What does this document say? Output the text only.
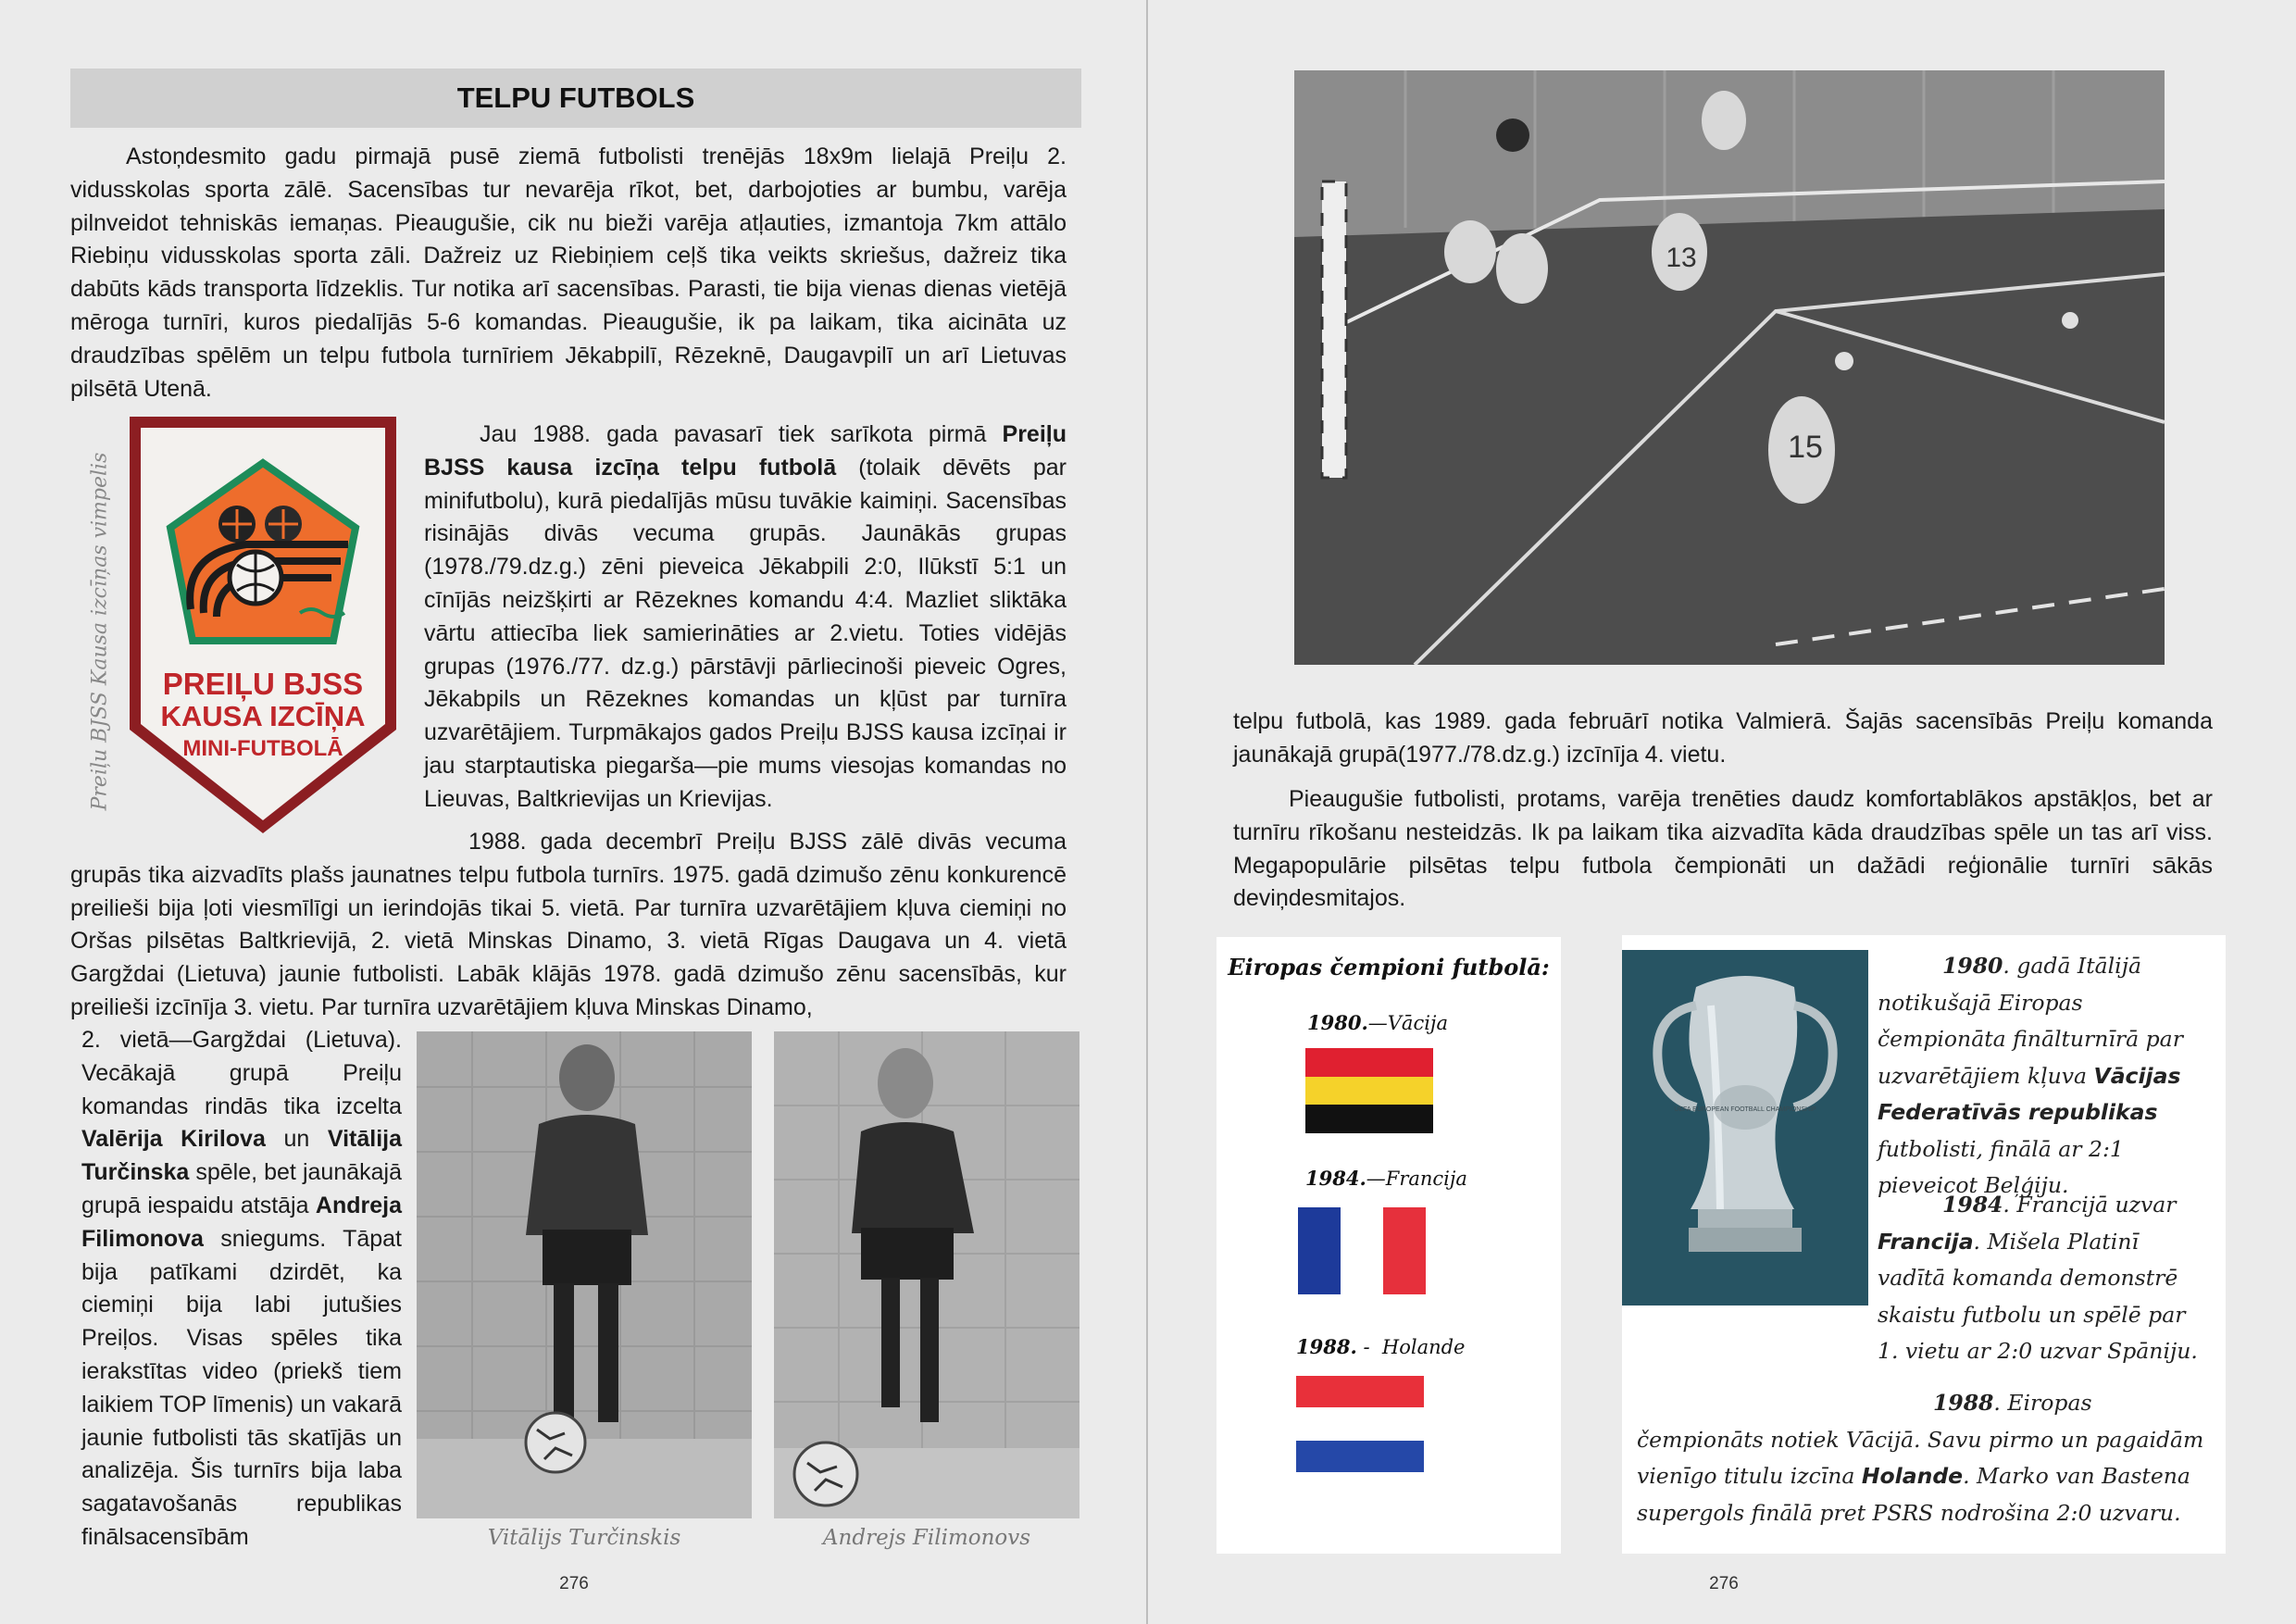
TELPU FUTBOLS

Astoņdesmito gadu pirmajā pusē ziemā futbolisti trenējās 18x9m lielajā Preiļu 2. vidusskolas sporta zālē. Sacensības tur nevarēja rīkot, bet, darbojoties ar bumbu, varēja pilnveidot tehniskās iemaņas. Pieaugušie, cik nu bieži varēja atļauties, izmantoja 7km attālo Riebiņu vidusskolas sporta zāli. Dažreiz uz Riebiņiem ceļš tika veikts skriešus, dažreiz tika dabūts kāds transporta līdzeklis. Tur notika arī sacensības. Parasti, tie bija vienas dienas vietējā mēroga turnīri, kuros piedalījās 5-6 komandas. Pieaugušie, ik pa laikam, tika aicināta uz draudzības spēlēm un telpu futbola turnīriem Jēkabpilī, Rēzeknē, Daugavpilī un arī Lietuvas pilsētā Utenā.

Preiļu BJSS Kausa izcīņas vimpelis PREIĻU BJSS
KAUSA IZCĪŅA
MINI-FUTBOLĀ

Jau 1988. gada pavasarī tiek sarīkota pirmā Preiļu BJSS kausa izcīņa telpu futbolā (tolaik dēvēts par minifutbolu), kurā piedalījās mūsu tuvākie kaimiņi. Sacensības risinājās divās vecuma grupās. Jaunākās grupas (1978./79.dz.g.) zēni pieveica Jēkabpili 2:0, Ilūkstī 5:1 un cīnījās neizšķirti ar Rēzeknes komandu 4:4. Mazliet sliktāka vārtu attiecība liek samierināties ar 2.vietu. Toties vidējās grupas (1976./77. dz.g.) pārstāvji pārliecinoši pieveic Ogres, Jēkabpils un Rēzeknes komandas un kļūst par turnīra uzvarētājiem. Turpmākajos gados Preiļu BJSS kausa izcīņai ir jau starptautiska piegarša—pie mums viesojas komandas no Lieuvas, Baltkrievijas un Krievijas.

1988. gada decembrī Preiļu BJSS zālē divās vecuma grupās tika aizvadīts plašs jaunatnes telpu futbola turnīrs. 1975. gadā dzimušo zēnu konkurencē preilieši bija ļoti viesmīlīgi un ierindojās tikai 5. vietā. Par turnīra uzvarētājiem kļuva ciemiņi no Oršas pilsētas Baltkrievijā, 2. vietā Minskas Dinamo, 3. vietā Rīgas Daugava un 4. vietā Gargždai (Lietuva) jaunie futbolisti. Labāk klājās 1978. gadā dzimušo zēnu sacensībās, kur preilieši izcīnīja 3. vietu. Par turnīra uzvarētājiem kļuva Minskas Dinamo,

2. vietā—Gargždai (Lietuva). Vecākajā grupā Preiļu komandas rindās tika izcelta Valērija Kirilova un Vitālija Turčinska spēle, bet jaunākajā grupā iespaidu atstāja Andreja Filimonova sniegums. Tāpat bija patīkami dzirdēt, ka ciemiņi bija labi jutušies Preiļos. Visas spēles tika ierakstītas video (priekš tiem laikiem TOP līmenis) un vakarā jaunie futbolisti tās skatījās un analizēja. Šis turnīrs bija laba sagatavošanās republikas finālsacensībām	Vitālijs Turčinskis	Andrejs Filimonovs
276
13
15

telpu futbolā, kas 1989. gada februārī notika Valmierā. Šajās sacensībās Preiļu komanda jaunākajā grupā(1977./78.dz.g.) izcīnīja 4. vietu.

Pieaugušie futbolisti, protams, varēja trenēties daudz komfortablākos apstākļos, bet ar turnīru rīkošanu nesteidzās. Ik pa laikam tika aizvadīta kāda draudzības spēle un tas arī viss. Megapopulārie pilsētas telpu futbola čempionāti un dažādi reģionālie turnīri sākās deviņdesmitajos.

Eiropas čempioni futbolā:
1980.—Vācija
1984.—Francija
1988. -  Holande
UEFA EUROPEAN FOOTBALL CHAMPIONSHIP
1980. gadā Itālijā notikušajā Eiropas čempionāta finālturnīrā par uzvarētājiem kļuva Vācijas Federatīvās republikas futbolisti, finālā ar 2:1 pieveicot Beļģiju.
1984. Francijā uzvar Francija. Mišela Platinī vadītā komanda demonstrē skaistu futbolu un spēlē par 1. vietu ar 2:0 uzvar Spāniju.
1988. Eiropas čempionāts notiek Vācijā. Savu pirmo un pagaidām vienīgo titulu izcīna Holande. Marko van Bastena supergols finālā pret PSRS nodrošina 2:0 uzvaru.
276
